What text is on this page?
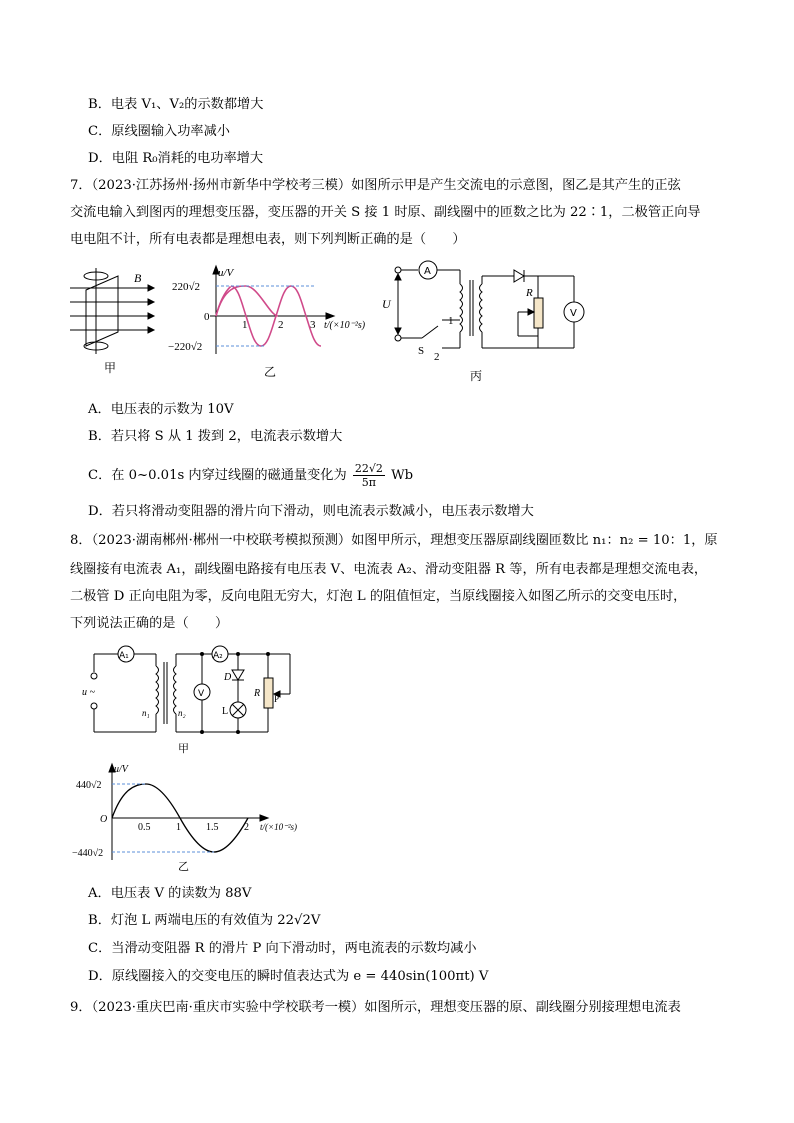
B．电表 V₁、V₂的示数都增大
C．原线圈输入功率减小
D．电阻 R₀消耗的电功率增大
7．（2023·江苏扬州·扬州市新华中学校考三模）如图所示甲是产生交流电的示意图，图乙是其产生的正弦
交流电输入到图丙的理想变压器，变压器的开关 S 接 1 时原、副线圈中的匝数之比为 22∶1，二极管正向导
电电阻不计，所有电表都是理想电表，则下列判断正确的是（　　）
B
甲
u/V
220√2
−220√2
0
1	2 3 t/(×10⁻²s)
乙
A
V
U
S
1
2
R
丙
A．电压表的示数为 10V
B．若只将 S 从 1 拨到 2，电流表示数增大
C．在 0~0.01s 内穿过线圈的磁通量变化为 $\frac{22√2}{5\pi}$ Wb
D．若只将滑动变阻器的滑片向下滑动，则电流表示数减小，电压表示数增大
8．（2023·湖南郴州·郴州一中校联考模拟预测）如图甲所示，理想变压器原副线圈匝数比 n₁：n₂ = 10：1，原
线圈接有电流表 A₁，副线圈电路接有电压表 V、电流表 A₂、滑动变阻器 R 等，所有电表都是理想交流电表，
二极管 D 正向电阻为零，反向电阻无穷大，灯泡 L 的阻值恒定，当原线圈接入如图乙所示的交变电压时，
下列说法正确的是（　　）
A₁	A₂
V
u ~
n₁	n₂
D
L
R P
甲
u/V
440√2
−440√2
O
0.5	1	1.5	2 t/(×10⁻²s)
乙
A．电压表 V 的读数为 88V
B．灯泡 L 两端电压的有效值为 22√2V
C．当滑动变阻器 R 的滑片 P 向下滑动时，两电流表的示数均减小
D．原线圈接入的交变电压的瞬时值表达式为 e = 440sin(100πt) V
9．（2023·重庆巴南·重庆市实验中学校联考一模）如图所示，理想变压器的原、副线圈分别接理想电流表
